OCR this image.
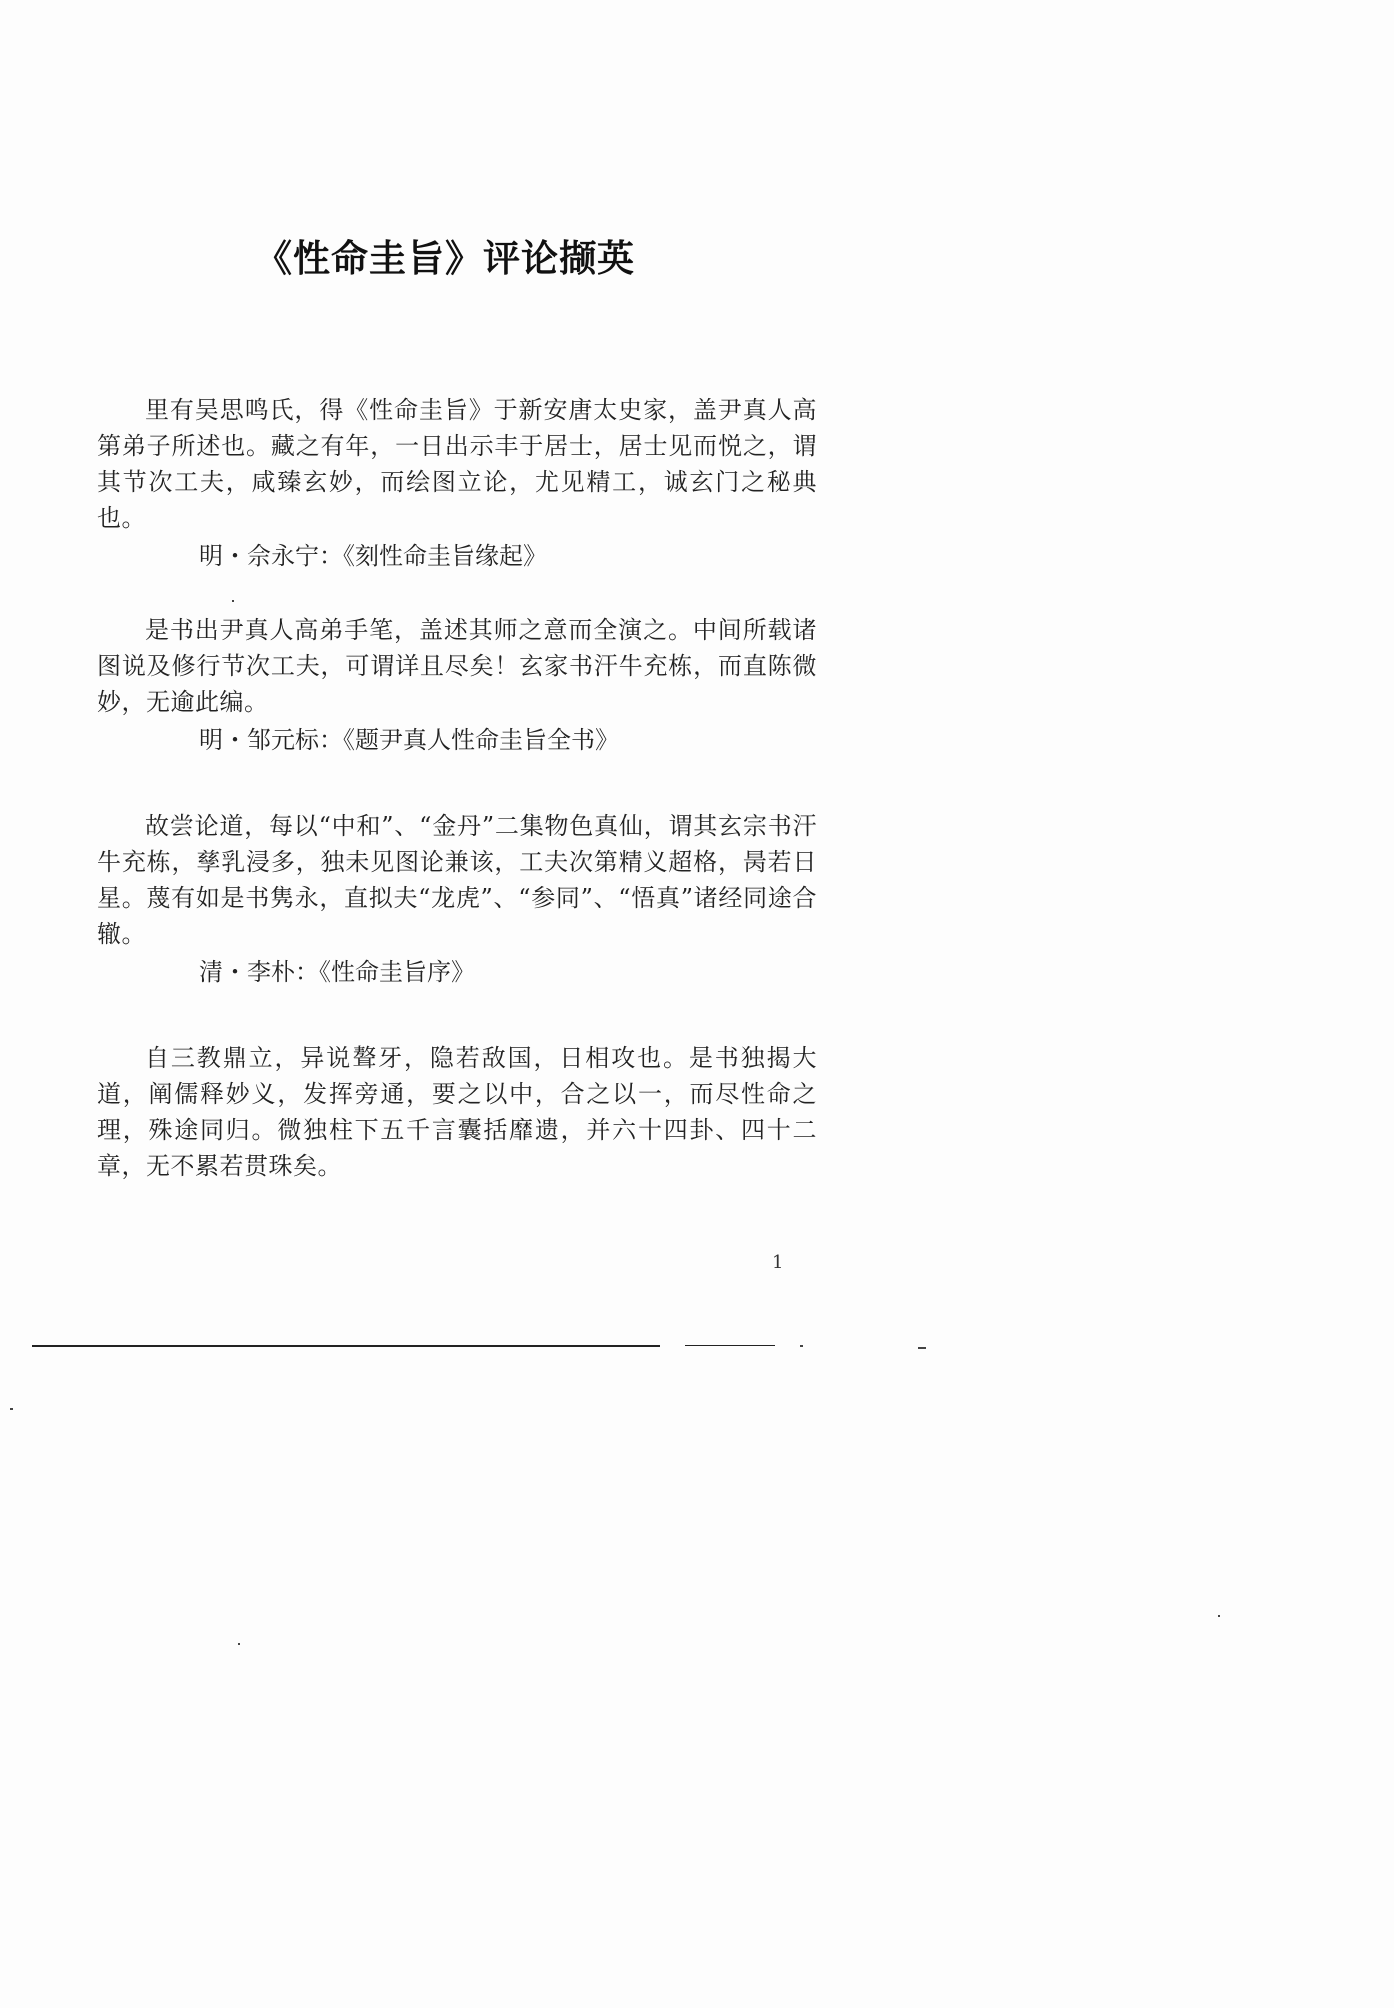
《性命圭旨》评论撷英

里有吴思鸣氏，得《性命圭旨》于新安唐太史家，盖尹真人高第弟子所述也。藏之有年，一日出示丰于居士，居士见而悦之，谓其节次工夫，咸臻玄妙，而绘图立论，尤见精工，诚玄门之秘典也。

明・佘永宁：《刻性命圭旨缘起》

是书出尹真人高弟手笔，盖述其师之意而全演之。中间所载诸图说及修行节次工夫，可谓详且尽矣！玄家书汗牛充栋，而直陈微妙，无逾此编。

明・邹元标：《题尹真人性命圭旨全书》

故尝论道，每以“中和”、“金丹”二集物色真仙，谓其玄宗书汗牛充栋，孳乳浸多，独未见图论兼该，工夫次第精义超格，昺若日星。蔑有如是书隽永，直拟夫“龙虎”、“参同”、“悟真”诸经同途合辙。

清・李朴：《性命圭旨序》

自三教鼎立，异说聱牙，隐若敌国，日相攻也。是书独揭大道，阐儒释妙义，发挥旁通，要之以中，合之以一，而尽性命之理，殊途同归。微独柱下五千言囊括靡遗，并六十四卦、四十二章，无不累若贯珠矣。

1
